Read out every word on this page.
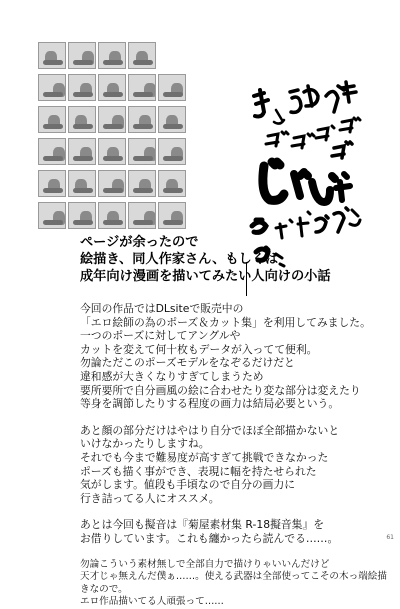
ページが余ったので
絵描き、同人作家さん、もしくは
成年向け漫画を描いてみたい人向けの小話

今回の作品ではDLsiteで販売中の
「エロ絵師の為のポーズ＆カット集」を利用してみました。
一つのポーズに対してアングルや
カットを変えて何十枚もデータが入ってて便利。
勿論ただこのポーズモデルをなぞるだけだと
違和感が大きくなりすぎてしまうため
要所要所で自分画風の絵に合わせたり変な部分は変えたり
等身を調節したりする程度の画力は結局必要という。

あと顔の部分だけはやはり自分でほぼ全部描かないと
いけなかったりしますね。
それでも今まで難易度が高すぎて挑戦できなかった
ポーズも描く事ができ、表現に幅を持たせられた
気がします。値段も手頃なので自分の画力に
行き詰ってる人にオススメ。

あとは今回も擬音は『菊屋素材集 R-18擬音集』を
お借りしています。これも纏かったら読んでる……。

勿論こういう素材無しで全部自力で描けりゃいいんだけど
天才じゃ無えんだ僕ぁ……。使える武器は全部使ってこその木っ端絵描きなので。
エロ作品描いてる人頑張って……
61
